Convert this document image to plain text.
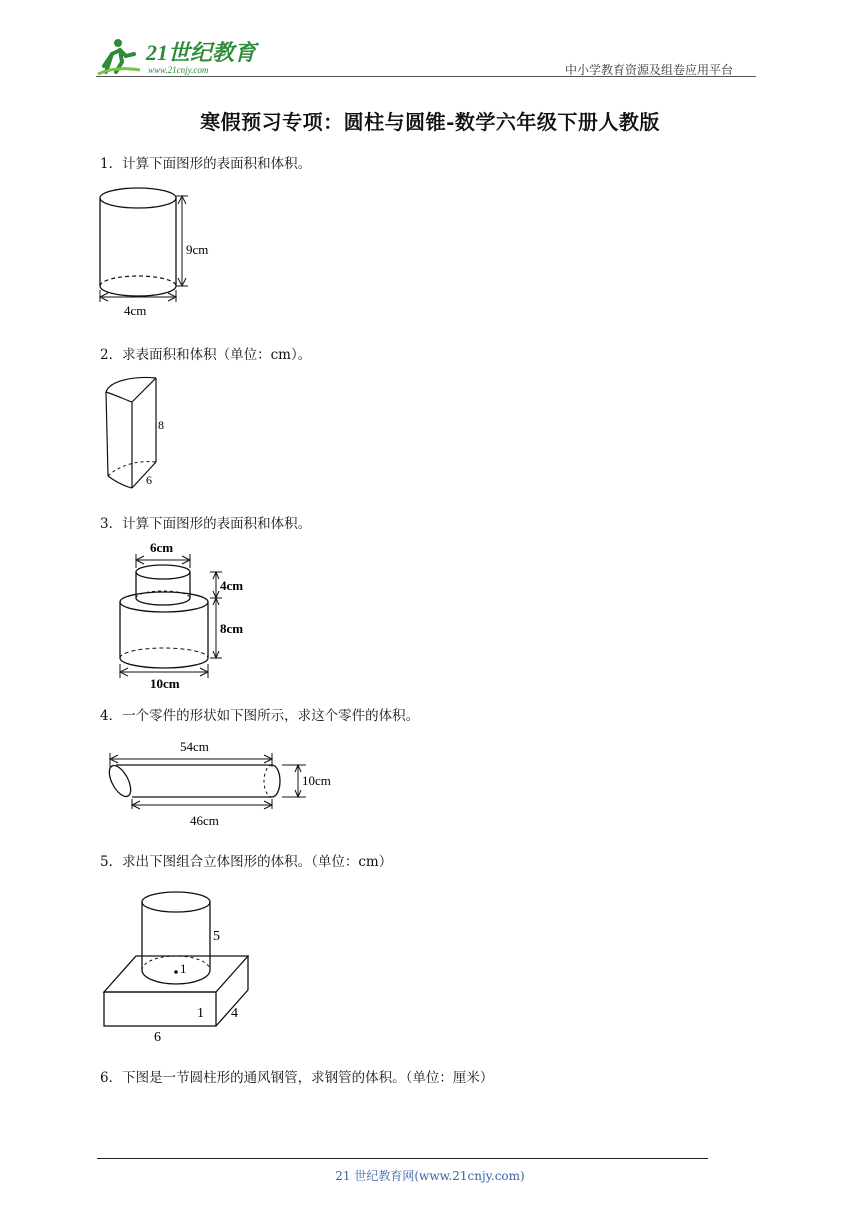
21世纪教育
www.21cnjy.com	中小学教育资源及组卷应用平台
寒假预习专项：圆柱与圆锥-数学六年级下册人教版
1．计算下面图形的表面积和体积。
9cm
4cm
2．求表面积和体积（单位：cm）。
8
6
3．计算下面图形的表面积和体积。
6cm
4cm
8cm
10cm
4．一个零件的形状如下图所示，求这个零件的体积。
54cm
10cm
46cm
5．求出下图组合立体图形的体积。（单位：cm）
5
1
1 4
6
6．下图是一节圆柱形的通风钢管，求钢管的体积。（单位：厘米）
21 世纪教育网(www.21cnjy.com)
